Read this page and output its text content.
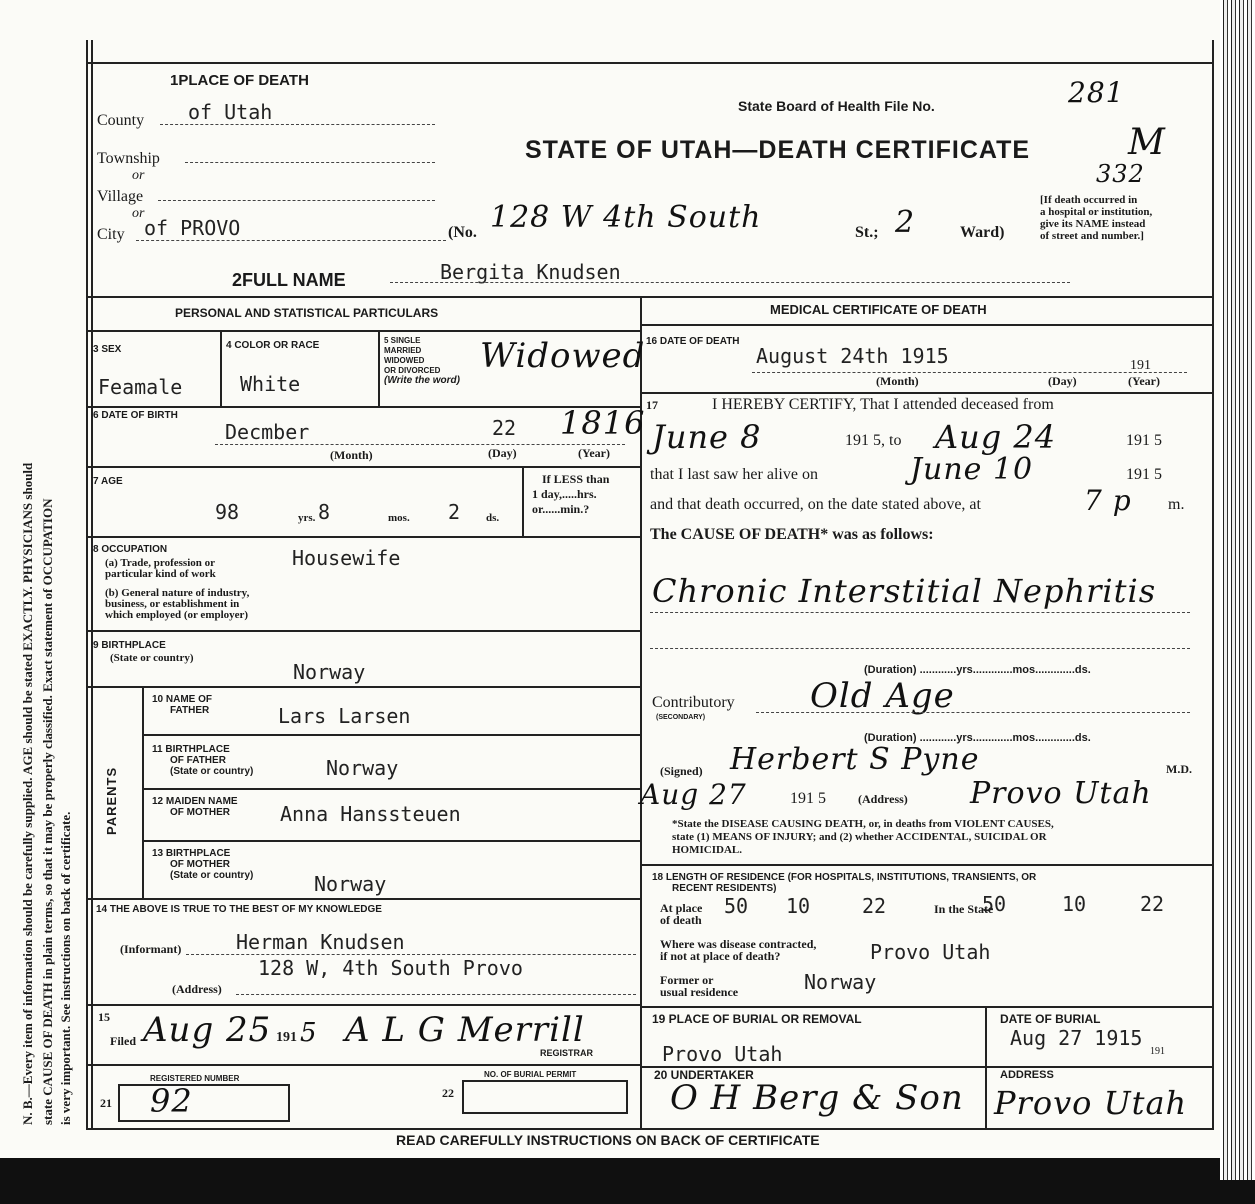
N. B.—Every item of information should be carefully supplied. AGE should be stated EXACTLY. PHYSICIANS should state CAUSE OF DEATH in plain terms, so that it may be properly classified. Exact statement of OCCUPATION is very important. See instructions on back of certificate.
1PLACE OF DEATH
County of Utah
Township
or
Village
or
City of PROVO	(No. 128 W 4th South	St.; 2	Ward)
State Board of Health File No.	281
STATE OF UTAH—DEATH CERTIFICATE	M
332
[If death occurred in
a hospital or institution,
give its NAME instead
of street and number.]
2FULL NAME	Bergita Knudsen
PERSONAL AND STATISTICAL PARTICULARS
3 SEX
Feamale
4 COLOR OR RACE
White
5 SINGLE
MARRIED
WIDOWED
OR DIVORCED
(Write the word)
Widowed
6 DATE OF BIRTH
Decmber	22 1816
(Month)	(Day)	(Year)
7 AGE
98	yrs. 8	mos. 2 ds.
If LESS than
1 day,.....hrs.
or......min.?
8 OCCUPATION
(a) Trade, profession or
particular kind of work
(b) General nature of industry,
business, or establishment in
which employed (or employer)
Housewife
9 BIRTHPLACE
(State or country)
Norway
PARENTS
10 NAME OF
FATHER	Lars Larsen
11 BIRTHPLACE
OF FATHER
(State or country)	Norway
12 MAIDEN NAME
OF MOTHER	Anna Hanssteuen
13 BIRTHPLACE
OF MOTHER
(State or country)	Norway
14 THE ABOVE IS TRUE TO THE BEST OF MY KNOWLEDGE
(Informant)	Herman Knudsen
(Address)
128 W, 4th South Provo
15
Filed Aug 25 191 5 A L G Merrill
REGISTRAR
REGISTERED NUMBER
21 92
NO. OF BURIAL PERMIT
22
MEDICAL CERTIFICATE OF DEATH
16 DATE OF DEATH
August 24th 1915	191
(Month)	(Day)	(Year)
17	I HEREBY CERTIFY, That I attended deceased from
June 8	191 5, to Aug 24	191 5
that I last saw her alive on	June 10	191 5
and that death occurred, on the date stated above, at	7 p m.
The CAUSE OF DEATH* was as follows:
Chronic Interstitial Nephritis
(Duration) ............yrs.............mos.............ds.
Contributory
(SECONDARY)
Old Age
(Duration) ............yrs.............mos.............ds.
(Signed) Herbert S Pyne	M.D.
Aug 27	191 5	(Address) Provo Utah
*State the DISEASE CAUSING DEATH, or, in deaths from VIOLENT CAUSES,
state (1) MEANS OF INJURY; and (2) whether ACCIDENTAL, SUICIDAL OR
HOMICIDAL.
18 LENGTH OF RESIDENCE (FOR HOSPITALS, INSTITUTIONS, TRANSIENTS, OR
RECENT RESIDENTS)
At place
of death
50 10	22	In the State
50	10	22
Where was disease contracted,
if not at place of death?	Provo Utah
Former or
usual residence	Norway
19 PLACE OF BURIAL OR REMOVAL
Provo Utah
DATE OF BURIAL
Aug 27 1915
191
20 UNDERTAKER
O H Berg & Son
ADDRESS
Provo Utah
READ CAREFULLY INSTRUCTIONS ON BACK OF CERTIFICATE
